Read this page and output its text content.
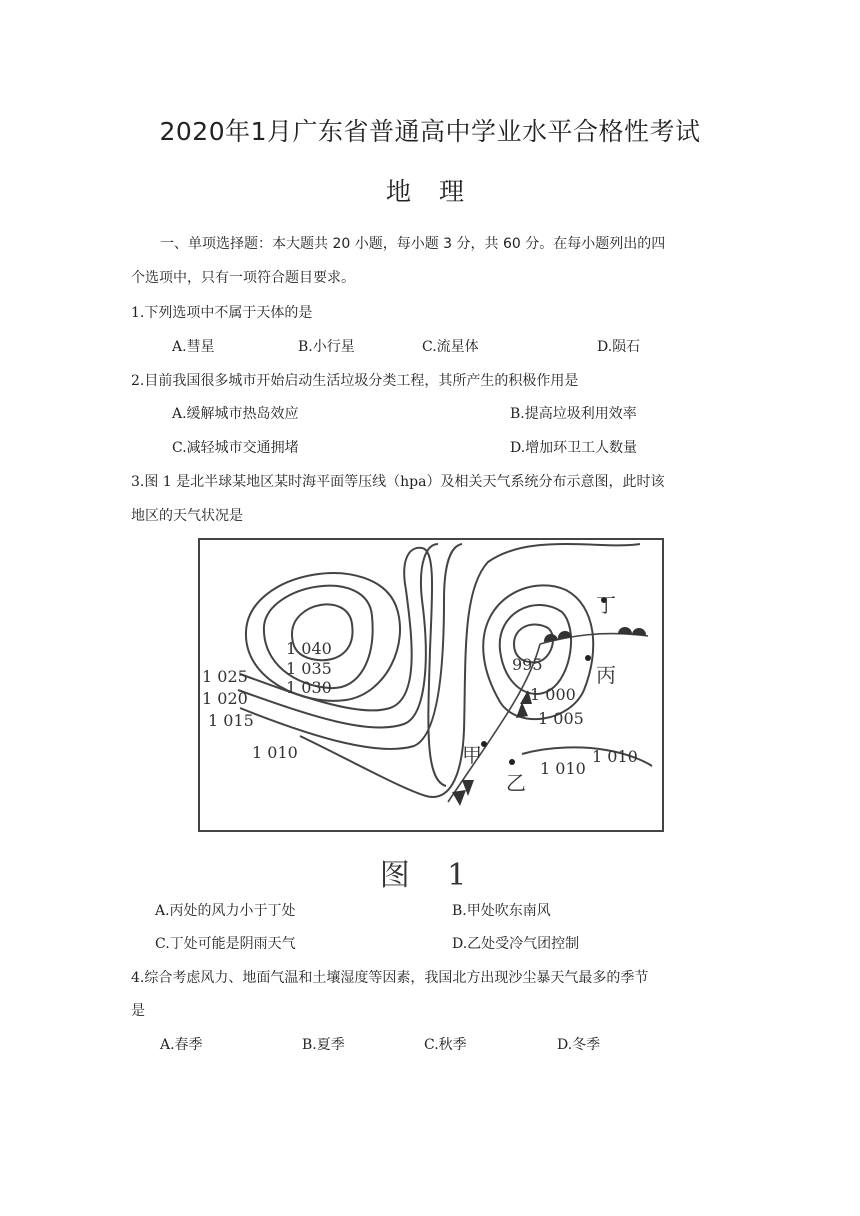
2020年1月广东省普通高中学业水平合格性考试
地 理
一、单项选择题：本大题共 20 小题，每小题 3 分，共 60 分。在每小题列出的四
个选项中，只有一项符合题目要求。
1.下列选项中不属于天体的是
A.彗星	B.小行星	C.流星体	D.陨石
2.目前我国很多城市开始启动生活垃圾分类工程，其所产生的积极作用是
A.缓解城市热岛效应	B.提高垃圾利用效率
C.减轻城市交通拥堵	D.增加环卫工人数量
3.图 1 是北半球某地区某时海平面等压线（hpa）及相关天气系统分布示意图，此时该
地区的天气状况是
1 040
1 035
1 030
1 025
1 020
1 015
1 010
995
1 000
1 005
1 010
1 010
甲
乙
丙
丁
图 1
A.丙处的风力小于丁处	B.甲处吹东南风
C.丁处可能是阴雨天气	D.乙处受冷气团控制
4.综合考虑风力、地面气温和土壤湿度等因素，我国北方出现沙尘暴天气最多的季节
是
A.春季	B.夏季	C.秋季	D.冬季
